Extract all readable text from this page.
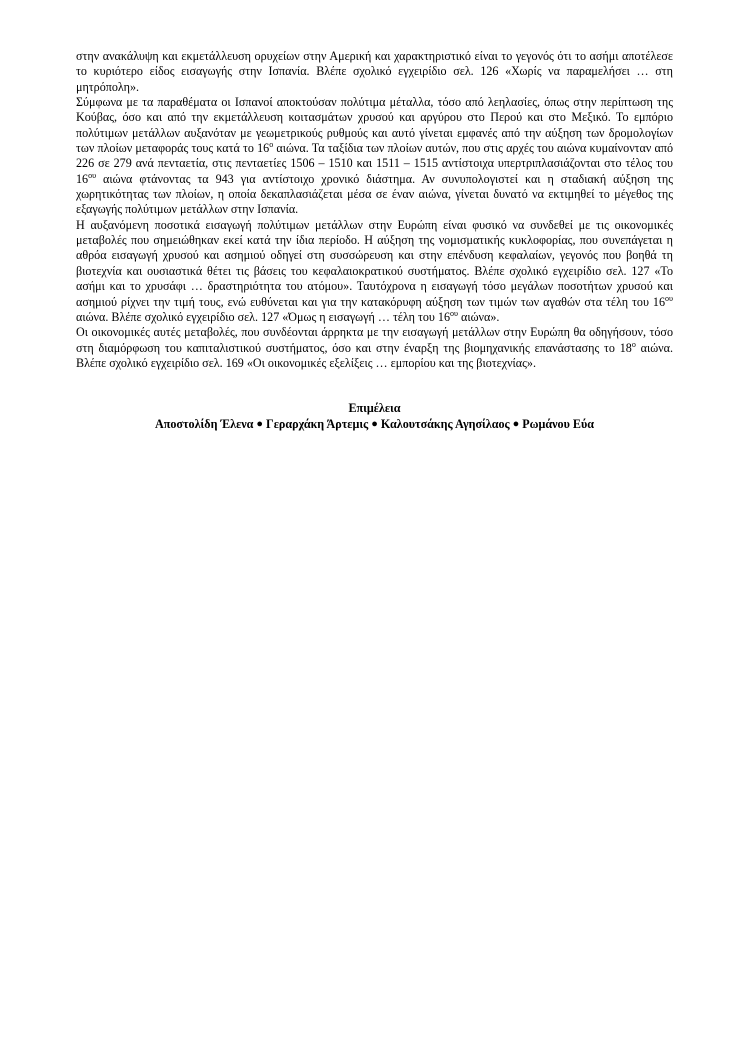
στην ανακάλυψη και εκμετάλλευση ορυχείων στην Αμερική και χαρακτηριστικό είναι το γεγονός ότι το ασήμι αποτέλεσε το κυριότερο είδος εισαγωγής στην Ισπανία. Βλέπε σχολικό εγχειρίδιο σελ. 126 «Χωρίς να παραμελήσει … στη μητρόπολη».

Σύμφωνα με τα παραθέματα οι Ισπανοί αποκτούσαν πολύτιμα μέταλλα, τόσο από λεηλασίες, όπως στην περίπτωση της Κούβας, όσο και από την εκμετάλλευση κοιτασμάτων χρυσού και αργύρου στο Περού και στο Μεξικό. Το εμπόριο πολύτιμων μετάλλων αυξανόταν με γεωμετρικούς ρυθμούς και αυτό γίνεται εμφανές από την αύξηση των δρομολογίων των πλοίων μεταφοράς τους κατά το $16^o$ αιώνα. Τα ταξίδια των πλοίων αυτών, που στις αρχές του αιώνα κυμαίνονταν από 226 σε 279 ανά πενταετία, στις πενταετίες 1506 – 1510 και 1511 – 1515 αντίστοιχα υπερτριπλασιάζονται στο τέλος του $16^{o\upsilon}$ αιώνα φτάνοντας τα 943 για αντίστοιχο χρονικό διάστημα. Αν συνυπολογιστεί και η σταδιακή αύξηση της χωρητικότητας των πλοίων, η οποία δεκαπλασιάζεται μέσα σε έναν αιώνα, γίνεται δυνατό να εκτιμηθεί το μέγεθος της εξαγωγής πολύτιμων μετάλλων στην Ισπανία.

Η αυξανόμενη ποσοτικά εισαγωγή πολύτιμων μετάλλων στην Ευρώπη είναι φυσικό να συνδεθεί με τις οικονομικές μεταβολές που σημειώθηκαν εκεί κατά την ίδια περίοδο. Η αύξηση της νομισματικής κυκλοφορίας, που συνεπάγεται η αθρόα εισαγωγή χρυσού και ασημιού οδηγεί στη συσσώρευση και στην επένδυση κεφαλαίων, γεγονός που βοηθά τη βιοτεχνία και ουσιαστικά θέτει τις βάσεις του κεφαλαιοκρατικού συστήματος. Βλέπε σχολικό εγχειρίδιο σελ. 127 «Το ασήμι και το χρυσάφι … δραστηριότητα του ατόμου». Ταυτόχρονα η εισαγωγή τόσο μεγάλων ποσοτήτων χρυσού και ασημιού ρίχνει την τιμή τους, ενώ ευθύνεται και για την κατακόρυφη αύξηση των τιμών των αγαθών στα τέλη του $16^{o\upsilon}$ αιώνα. Βλέπε σχολικό εγχειρίδιο σελ. 127 «Όμως η εισαγωγή … τέλη του $16^{o\upsilon}$ αιώνα».

Οι οικονομικές αυτές μεταβολές, που συνδέονται άρρηκτα με την εισαγωγή μετάλλων στην Ευρώπη θα οδηγήσουν, τόσο στη διαμόρφωση του καπιταλιστικού συστήματος, όσο και στην έναρξη της βιομηχανικής επανάστασης το $18^o$ αιώνα. Βλέπε σχολικό εγχειρίδιο σελ. 169 «Οι οικονομικές εξελίξεις … εμπορίου και της βιοτεχνίας».

Επιμέλεια

Αποστολίδη Έλενα ● Γεραρχάκη Άρτεμις ● Καλουτσάκης Αγησίλαος ● Ρωμάνου Εύα
